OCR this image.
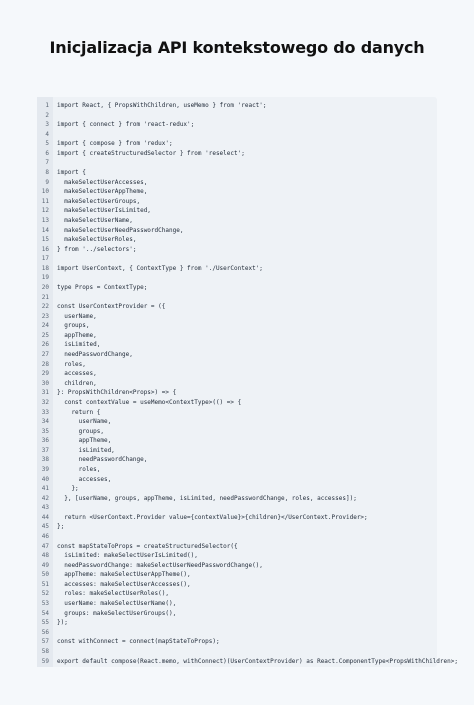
Inicjalizacja API kontekstowego do danych
1 import React, { PropsWithChildren, useMemo } from 'react';
2
3 import { connect } from 'react-redux';
4
5 import { compose } from 'redux';
6 import { createStructuredSelector } from 'reselect';
7
8 import {
9 makeSelectUserAccesses,
10 makeSelectUserAppTheme,
11 makeSelectUserGroups,
12 makeSelectUserIsLimited,
13 makeSelectUserName,
14 makeSelectUserNeedPasswordChange,
15 makeSelectUserRoles,
16 } from '../selectors';
17
18 import UserContext, { ContextType } from './UserContext';
19
20 type Props = ContextType;
21
22 const UserContextProvider = ({
23 userName,
24 groups,
25 appTheme,
26 isLimited,
27 needPasswordChange,
28 roles,
29 accesses,
30 children,
31 }: PropsWithChildren<Props>) => {
32 const contextValue = useMemo<ContextType>(() => {
33 return {
34 userName,
35 groups,
36 appTheme,
37 isLimited,
38 needPasswordChange,
39 roles,
40 accesses,
41 };
42 }, [userName, groups, appTheme, isLimited, needPasswordChange, roles, accesses]);
43
44 return <UserContext.Provider value={contextValue}>{children}</UserContext.Provider>;
45 };
46
47 const mapStateToProps = createStructuredSelector({
48 isLimited: makeSelectUserIsLimited(),
49 needPasswordChange: makeSelectUserNeedPasswordChange(),
50 appTheme: makeSelectUserAppTheme(),
51 accesses: makeSelectUserAccesses(),
52 roles: makeSelectUserRoles(),
53 userName: makeSelectUserName(),
54 groups: makeSelectUserGroups(),
55 });
56
57 const withConnect = connect(mapStateToProps);
58
59 export default compose(React.memo, withConnect)(UserContextProvider) as React.ComponentType<PropsWithChildren>;
